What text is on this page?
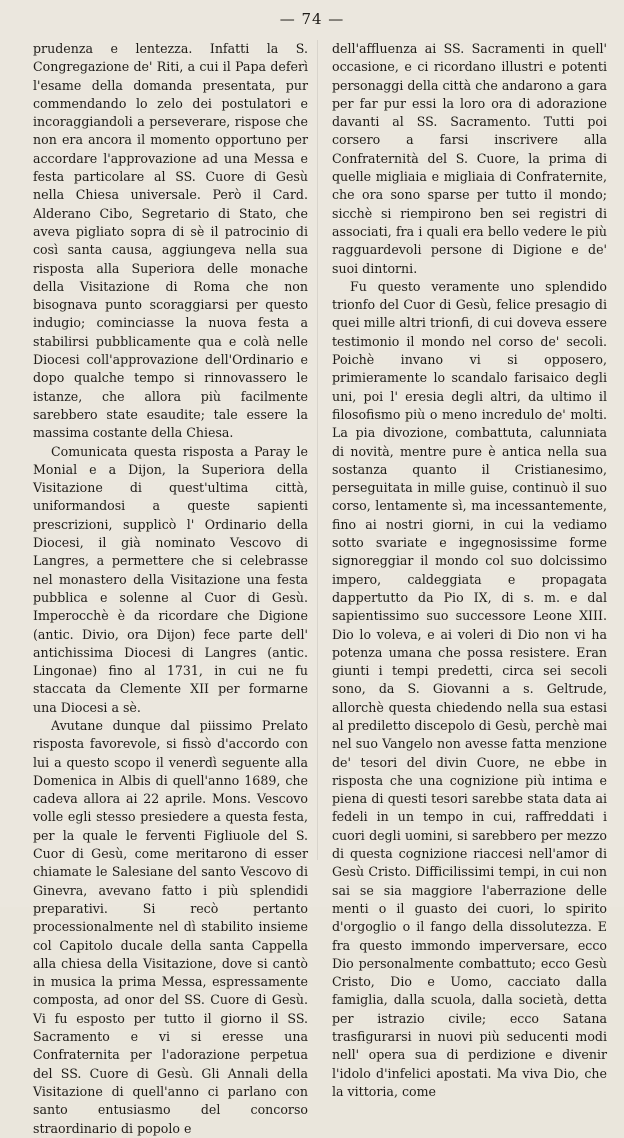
— 74 —

prudenza e lentezza. Infatti la S. Congregazione de' Riti, a cui il Papa deferì l'esame della domanda presentata, pur commendando lo zelo dei postulatori e incoraggiandoli a perseverare, rispose che non era ancora il momento opportuno per accordare l'approvazione ad una Messa e festa particolare al SS. Cuore di Gesù nella Chiesa universale. Però il Card. Alderano Cibo, Segretario di Stato, che aveva pigliato sopra di sè il patrocinio di così santa causa, aggiungeva nella sua risposta alla Superiora delle monache della Visitazione di Roma che non bisognava punto scoraggiarsi per questo indugio; cominciasse la nuova festa a stabilirsi pubblicamente qua e colà nelle Diocesi coll'approvazione dell'Ordinario e dopo qualche tempo si rinnovassero le istanze, che allora più facilmente sarebbero state esaudite; tale essere la massima costante della Chiesa.

Comunicata questa risposta a Paray le Monial e a Dijon, la Superiora della Visitazione di quest'ultima città, uniformandosi a queste sapienti prescrizioni, supplicò l' Ordinario della Diocesi, il già nominato Vescovo di Langres, a permettere che si celebrasse nel monastero della Visitazione una festa pubblica e solenne al Cuor di Gesù. Imperocchè è da ricordare che Digione (antic. Divio, ora Dijon) fece parte dell' antichissima Diocesi di Langres (antic. Lingonae) fino al 1731, in cui ne fu staccata da Clemente XII per formarne una Diocesi a sè.

Avutane dunque dal piissimo Prelato risposta favorevole, si fissò d'accordo con lui a questo scopo il venerdì seguente alla Domenica in Albis di quell'anno 1689, che cadeva allora ai 22 aprile. Mons. Vescovo volle egli stesso presiedere a questa festa, per la quale le ferventi Figliuole del S. Cuor di Gesù, come meritarono di esser chiamate le Salesiane del santo Vescovo di Ginevra, avevano fatto i più splendidi preparativi. Si recò pertanto processionalmente nel dì stabilito insieme col Capitolo ducale della santa Cappella alla chiesa della Visitazione, dove si cantò in musica la prima Messa, espressamente composta, ad onor del SS. Cuore di Gesù. Vi fu esposto per tutto il giorno il SS. Sacramento e vi si eresse una Confraternita per l'adorazione perpetua del SS. Cuore di Gesù. Gli Annali della Visitazione di quell'anno ci parlano con santo entusiasmo del concorso straordinario di popolo e

dell'affluenza ai SS. Sacramenti in quell' occasione, e ci ricordano illustri e potenti personaggi della città che andarono a gara per far pur essi la loro ora di adorazione davanti al SS. Sacramento. Tutti poi corsero a farsi inscrivere alla Confraternità del S. Cuore, la prima di quelle migliaia e migliaia di Confraternite, che ora sono sparse per tutto il mondo; sicchè si riempirono ben sei registri di associati, fra i quali era bello vedere le più ragguardevoli persone di Digione e de' suoi dintorni.

Fu questo veramente uno splendido trionfo del Cuor di Gesù, felice presagio di quei mille altri trionfi, di cui doveva essere testimonio il mondo nel corso de' secoli. Poichè invano vi si opposero, primieramente lo scandalo farisaico degli uni, poi l' eresia degli altri, da ultimo il filosofismo più o meno incredulo de' molti. La pia divozione, combattuta, calunniata di novità, mentre pure è antica nella sua sostanza quanto il Cristianesimo, perseguitata in mille guise, continuò il suo corso, lentamente sì, ma incessantemente, fino ai nostri giorni, in cui la vediamo sotto svariate e ingegnosissime forme signoreggiar il mondo col suo dolcissimo impero, caldeggiata e propagata dappertutto da Pio IX, di s. m. e dal sapientissimo suo successore Leone XIII. Dio lo voleva, e ai voleri di Dio non vi ha potenza umana che possa resistere. Eran giunti i tempi predetti, circa sei secoli sono, da S. Giovanni a s. Geltrude, allorchè questa chiedendo nella sua estasi al prediletto discepolo di Gesù, perchè mai nel suo Vangelo non avesse fatta menzione de' tesori del divin Cuore, ne ebbe in risposta che una cognizione più intima e piena di questi tesori sarebbe stata data ai fedeli in un tempo in cui, raffreddati i cuori degli uomini, si sarebbero per mezzo di questa cognizione riaccesi nell'amor di Gesù Cristo. Difficilissimi tempi, in cui non sai se sia maggiore l'aberrazione delle menti o il guasto dei cuori, lo spirito d'orgoglio o il fango della dissolutezza. E fra questo immondo imperversare, ecco Dio personalmente combattuto; ecco Gesù Cristo, Dio e Uomo, cacciato dalla famiglia, dalla scuola, dalla società, detta per istrazio civile; ecco Satana trasfigurarsi in nuovi più seducenti modi nell' opera sua di perdizione e divenir l'idolo d'infelici apostati. Ma viva Dio, che la vittoria, come
